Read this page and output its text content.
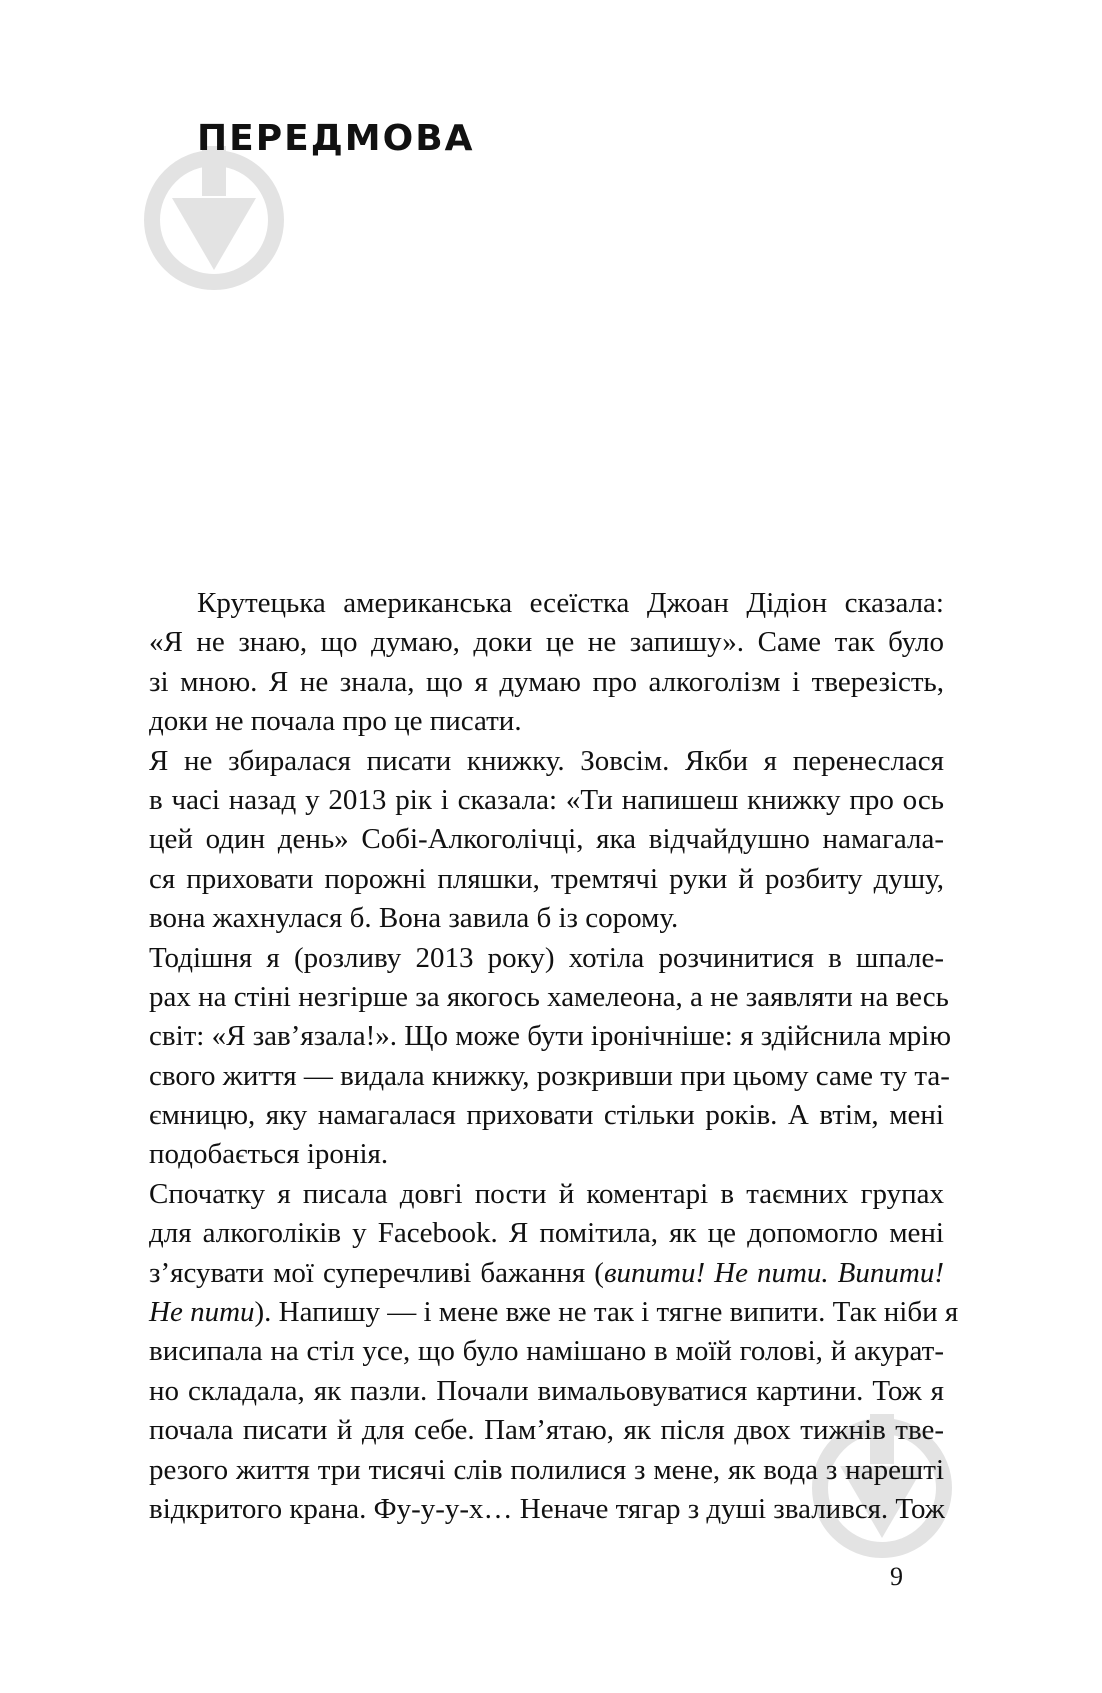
ПЕРЕДМОВА
Крутецька американська есеїстка Джоан Дідіон сказала:
«Я не знаю, що думаю, доки це не запишу». Саме так було
зі мною. Я не знала, що я думаю про алкоголізм і тверезість,
доки не почала про це писати.
Я не збиралася писати книжку. Зовсім. Якби я перенеслася
в часі назад у 2013 рік і сказала: «Ти напишеш книжку про ось
цей один день» Собі-Алкоголічці, яка відчайдушно намагала-
ся приховати порожні пляшки, тремтячі руки й розбиту душу,
вона жахнулася б. Вона завила б із сорому.
Тодішня я (розливу 2013 року) хотіла розчинитися в шпале-
рах на стіні незгірше за якогось хамелеона, а не заявляти на весь
світ: «Я зав’язала!». Що може бути іронічніше: я здійснила мрію
свого життя — видала книжку, розкривши при цьому саме ту та-
ємницю, яку намагалася приховати стільки років. А втім, мені
подобається іронія.
Спочатку я писала довгі пости й коментарі в таємних групах
для алкоголіків у Facebook. Я помітила, як це допомогло мені
з’ясувати мої суперечливі бажання (випити! Не пити. Випити!
Не пити). Напишу — і мене вже не так і тягне випити. Так ніби я
висипала на стіл усе, що було намішано в моїй голові, й акурат-
но складала, як пазли. Почали вимальовуватися картини. Тож я
почала писати й для себе. Пам’ятаю, як після двох тижнів тве-
резого життя три тисячі слів полилися з мене, як вода з нарешті
відкритого крана. Фу-у-у-х… Неначе тягар з душі звалився. Тож
9
